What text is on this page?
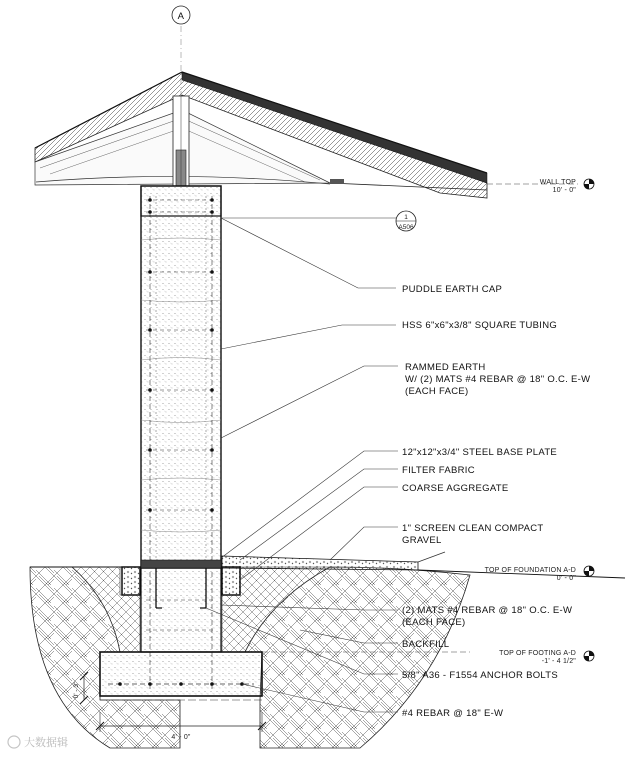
A
4' - 0"
0' - 3"
WALL TOP
10' - 0"
TOP OF FOUNDATION A-D
0' - 0"
TOP OF FOOTING A-D
-1' - 4 1/2"
1
A506
PUDDLE EARTH CAP
HSS 6"x6"x3/8" SQUARE TUBING
RAMMED EARTH
W/ (2) MATS #4 REBAR @ 18" O.C. E-W
(EACH FACE)
12"x12"x3/4" STEEL BASE PLATE
FILTER FABRIC
COARSE AGGREGATE
1" SCREEN CLEAN COMPACT
GRAVEL
(2) MATS #4 REBAR @ 18" O.C. E-W
(EACH FACE)
BACKFILL
5/8" A36 - F1554 ANCHOR BOLTS
#4 REBAR @ 18" E-W
大数据辑
